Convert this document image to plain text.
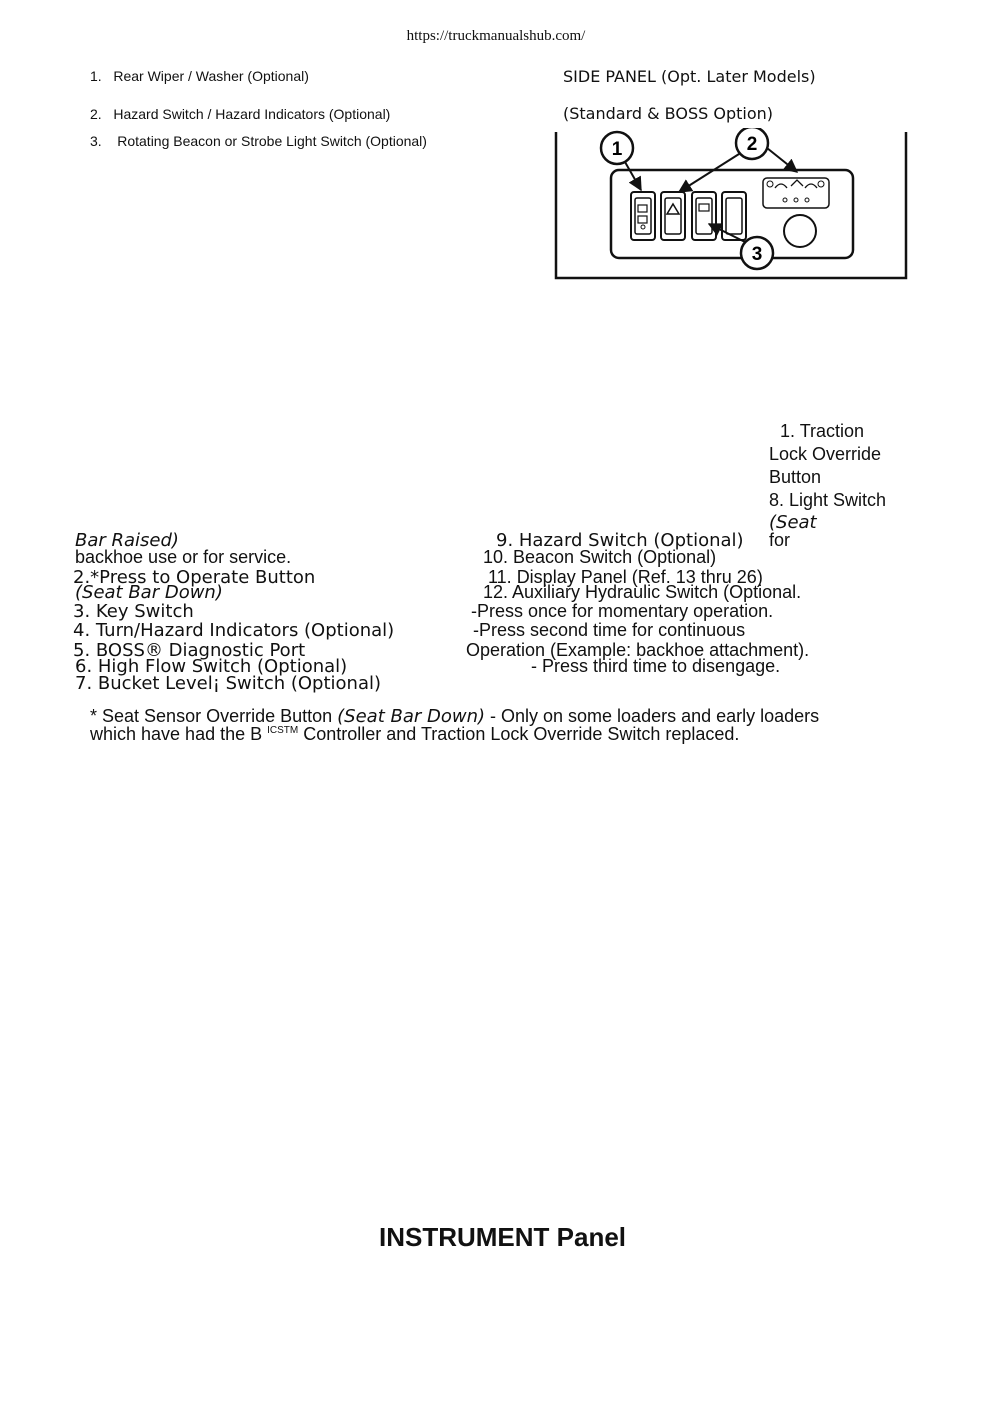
https://truckmanualshub.com/
1.   Rear Wiper / Washer (Optional)
2.   Hazard Switch / Hazard Indicators (Optional)
3.    Rotating Beacon or Strobe Light Switch (Optional)
SIDE PANEL (Opt. Later Models)
(Standard & BOSS Option)
1	2
3
1. Traction
Lock Override
Button
8. Light Switch
(Seat
Bar Raised)
backhoe use or for service.
2.*Press to Operate Button
(Seat Bar Down)
3. Key Switch
4. Turn/Hazard Indicators (Optional)
5. BOSS® Diagnostic Port
6. High Flow Switch (Optional)
7. Bucket Level¡ Switch (Optional)
9. Hazard Switch (Optional) for
10. Beacon Switch (Optional)
11. Display Panel (Ref. 13 thru 26)
12. Auxiliary Hydraulic Switch (Optional.
-Press once for momentary operation.
-Press second time for continuous
Operation (Example: backhoe attachment).
- Press third time to disengage.
* Seat Sensor Override Button (Seat Bar Down) - Only on some loaders and early loaders
which have had the B $^{ICSTM}$ Controller and Traction Lock Override Switch replaced.
INSTRUMENT Panel
